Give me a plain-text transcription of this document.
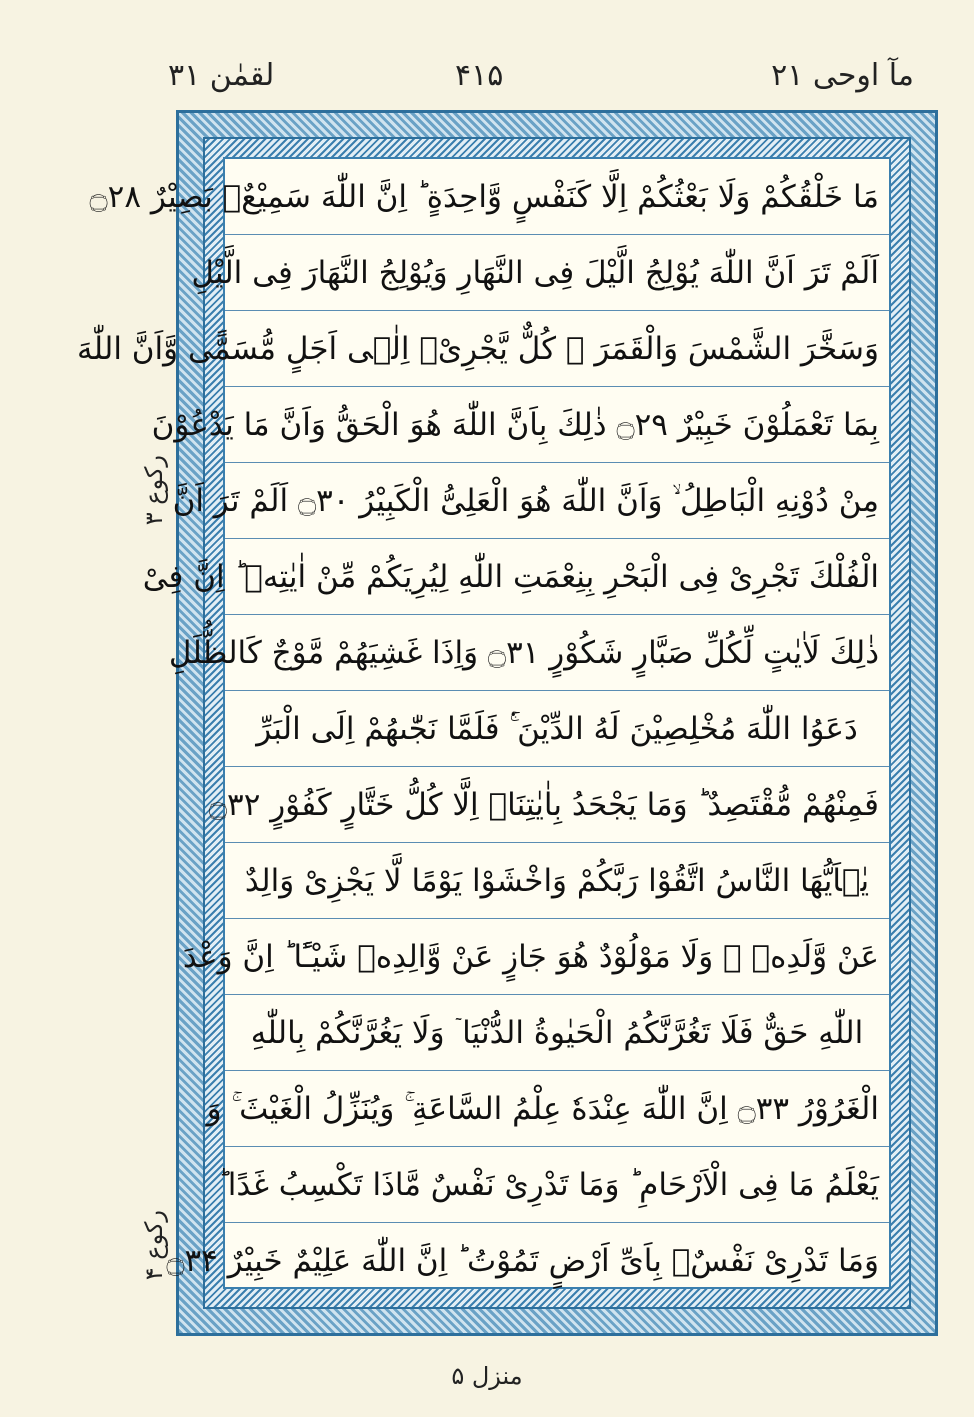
لقمٰن ۳۱	۴۱۵	مآ اوحی ۲۱
رکوع ۳
رکوع ۴
مَا خَلْقُكُمْ وَلَا بَعْثُكُمْ اِلَّا كَنَفْسٍ وَّاحِدَةٍ ؕ اِنَّ اللّٰهَ سَمِیْعٌۢ بَصِیْرٌ ۝۲۸
اَلَمْ تَرَ اَنَّ اللّٰهَ یُوْلِجُ الَّیْلَ فِی النَّهَارِ وَیُوْلِجُ النَّهَارَ فِی الَّیْلِ
وَسَخَّرَ الشَّمْسَ وَالْقَمَرَ ؗ كُلٌّ یَّجْرِیْۤ اِلٰۤی اَجَلٍ مُّسَمًّی وَّاَنَّ اللّٰهَ
بِمَا تَعْمَلُوْنَ خَبِیْرٌ ۝۲۹ ذٰلِكَ بِاَنَّ اللّٰهَ هُوَ الْحَقُّ وَاَنَّ مَا یَدْعُوْنَ
مِنْ دُوْنِهِ الْبَاطِلُ ۙ وَاَنَّ اللّٰهَ هُوَ الْعَلِیُّ الْكَبِیْرُ ۝۳۰ اَلَمْ تَرَ اَنَّ
الْفُلْكَ تَجْرِیْ فِی الْبَحْرِ بِنِعْمَتِ اللّٰهِ لِیُرِیَكُمْ مِّنْ اٰیٰتِهٖ ؕ اِنَّ فِیْ
ذٰلِكَ لَاٰیٰتٍ لِّكُلِّ صَبَّارٍ شَكُوْرٍ ۝۳۱ وَاِذَا غَشِیَهُمْ مَّوْجٌ كَالظُّلَلِ
دَعَوُا اللّٰهَ مُخْلِصِیْنَ لَهُ الدِّیْنَ ۚ۬ فَلَمَّا نَجّٰىهُمْ اِلَی الْبَرِّ
فَمِنْهُمْ مُّقْتَصِدٌ ؕ وَمَا یَجْحَدُ بِاٰیٰتِنَاۤ اِلَّا كُلُّ خَتَّارٍ كَفُوْرٍ ۝۳۲
یٰۤاَیُّهَا النَّاسُ اتَّقُوْا رَبَّكُمْ وَاخْشَوْا یَوْمًا لَّا یَجْزِیْ وَالِدٌ
عَنْ وَّلَدِهٖ ؗ وَلَا مَوْلُوْدٌ هُوَ جَازٍ عَنْ وَّالِدِهٖ شَیْـًٔا ؕ اِنَّ وَعْدَ
اللّٰهِ حَقٌّ فَلَا تَغُرَّنَّكُمُ الْحَیٰوةُ الدُّنْیَا ٙ وَلَا یَغُرَّنَّكُمْ بِاللّٰهِ
الْغَرُوْرُ ۝۳۳ اِنَّ اللّٰهَ عِنْدَهٗ عِلْمُ السَّاعَةِ ۚ وَیُنَزِّلُ الْغَیْثَ ۚ وَ
یَعْلَمُ مَا فِی الْاَرْحَامِ ؕ وَمَا تَدْرِیْ نَفْسٌ مَّاذَا تَكْسِبُ غَدًا ؕ
وَمَا تَدْرِیْ نَفْسٌۢ بِاَیِّ اَرْضٍ تَمُوْتُ ؕ اِنَّ اللّٰهَ عَلِیْمٌ خَبِیْرٌ ۝۳۴
منزل ۵
